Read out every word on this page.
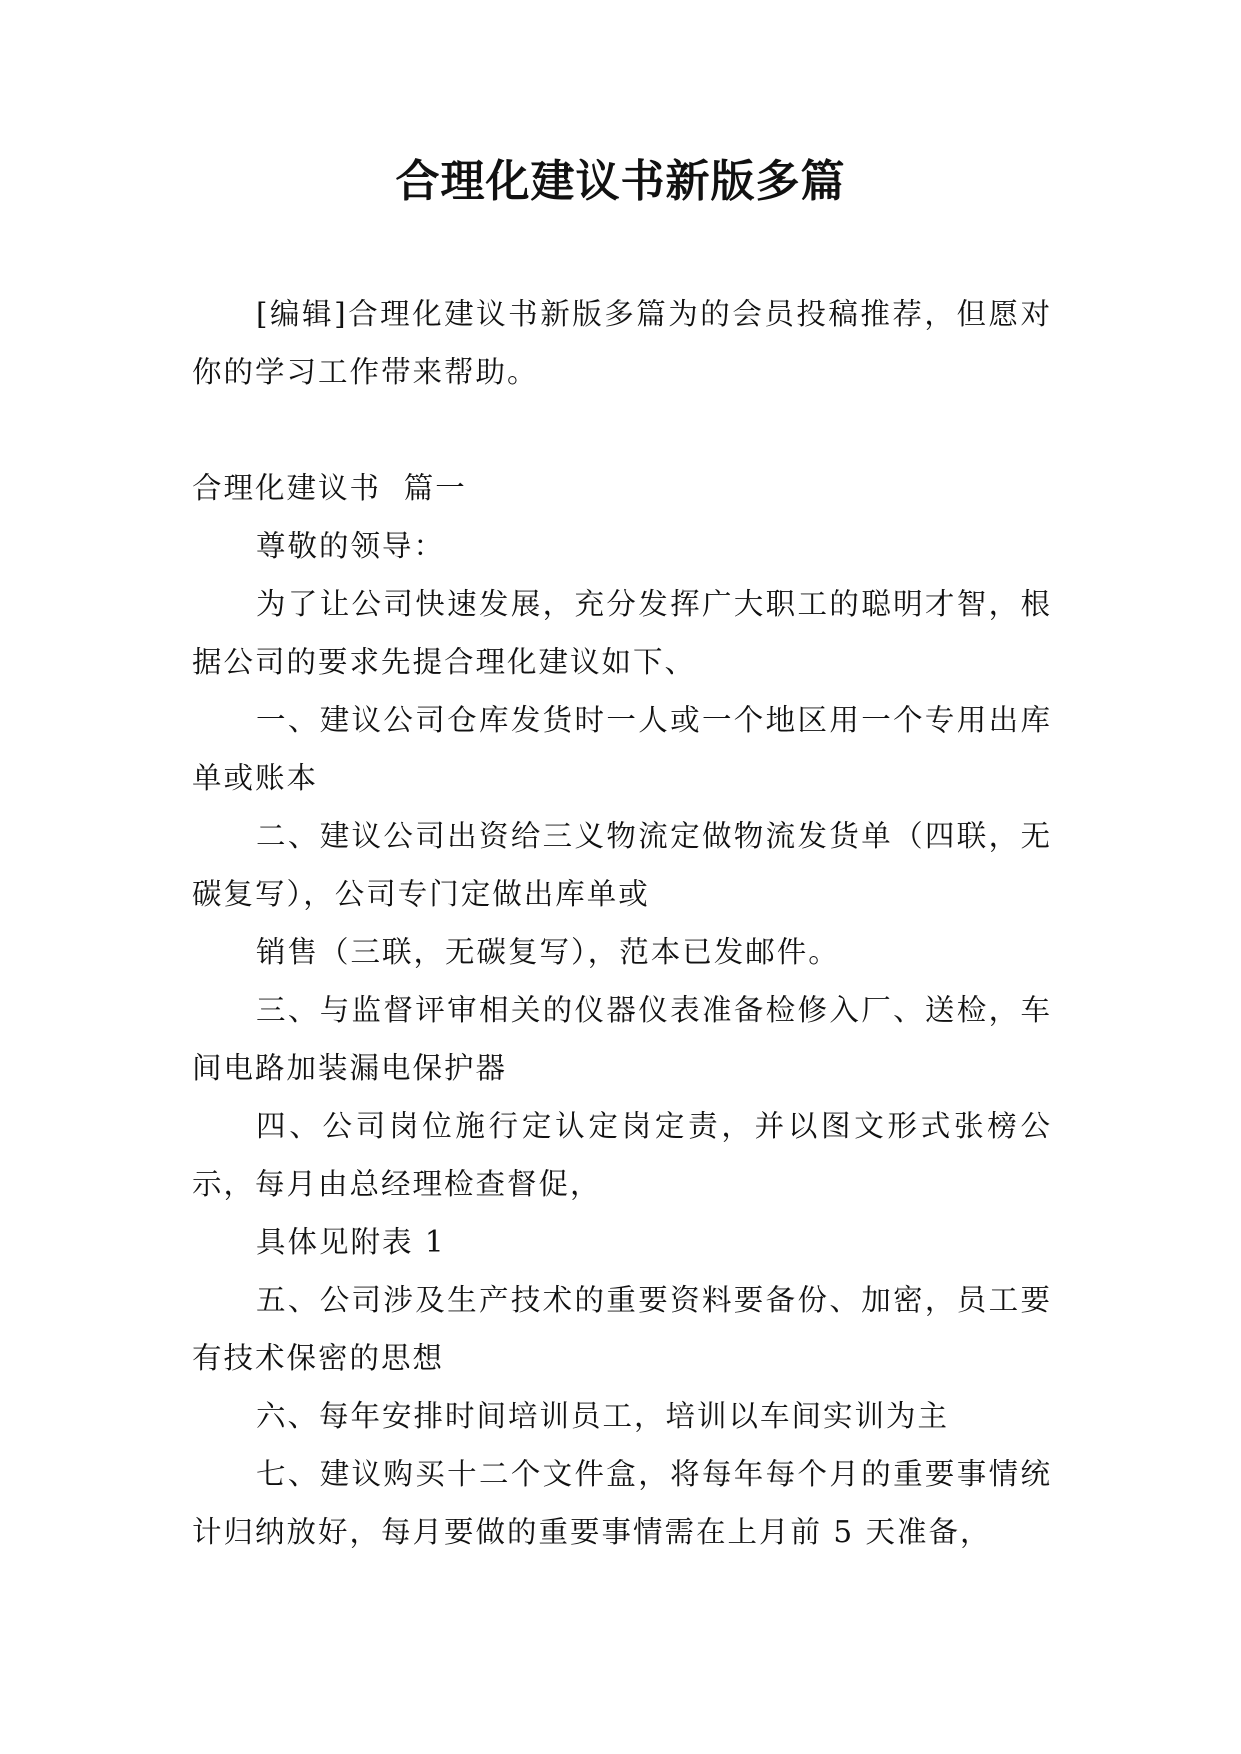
合理化建议书新版多篇

[编辑]合理化建议书新版多篇为的会员投稿推荐，但愿对你的学习工作带来帮助。

合理化建议书  篇一

尊敬的领导：

为了让公司快速发展，充分发挥广大职工的聪明才智，根据公司的要求先提合理化建议如下、

一、建议公司仓库发货时一人或一个地区用一个专用出库单或账本

二、建议公司出资给三义物流定做物流发货单（四联，无碳复写），公司专门定做出库单或

销售（三联，无碳复写），范本已发邮件。

三、与监督评审相关的仪器仪表准备检修入厂、送检，车间电路加装漏电保护器

四、公司岗位施行定认定岗定责，并以图文形式张榜公示，每月由总经理检查督促，

具体见附表 1

五、公司涉及生产技术的重要资料要备份、加密，员工要有技术保密的思想

六、每年安排时间培训员工，培训以车间实训为主

七、建议购买十二个文件盒，将每年每个月的重要事情统计归纳放好，每月要做的重要事情需在上月前 5 天准备，
